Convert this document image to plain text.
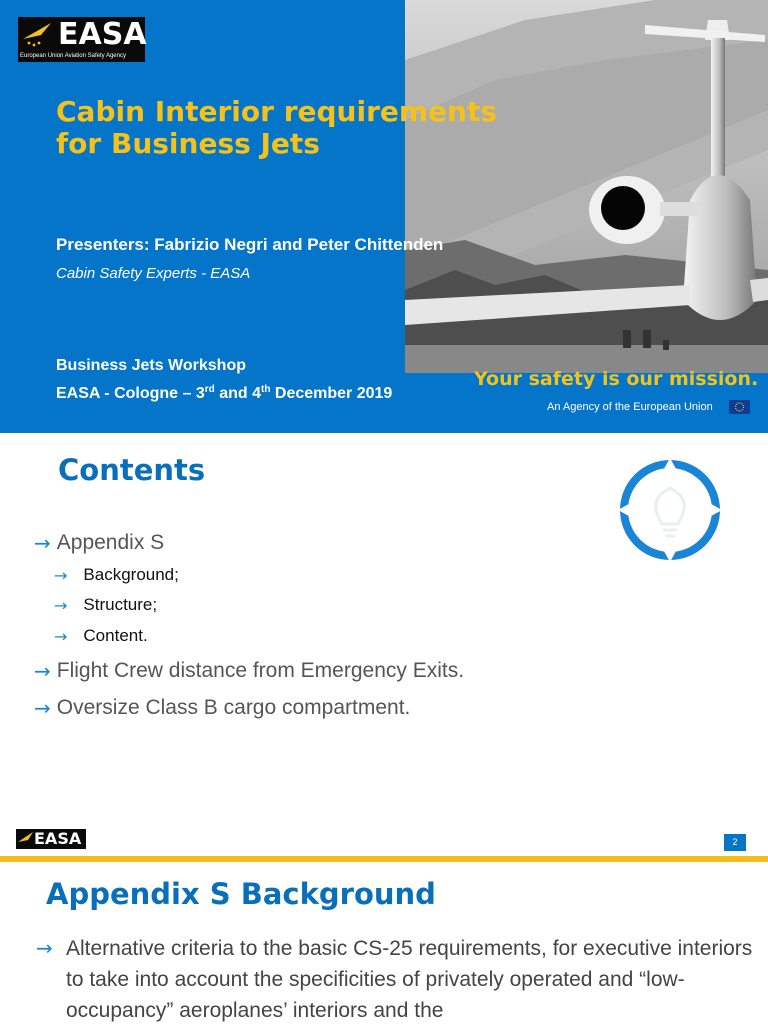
EASA
European Union Aviation Safety Agency
Cabin Interior requirements
for Business Jets
Presenters: Fabrizio Negri and Peter Chittenden
Cabin Safety Experts - EASA
Business Jets Workshop
EASA - Cologne – 3rd and 4th December 2019
Your safety is our mission.
An Agency of the European Union
Contents
→ Appendix S
→ Background;
→ Structure;
→ Content.
→ Flight Crew distance from Emergency Exits.
→ Oversize Class B cargo compartment.
EASA	2
Appendix S Background
→ Alternative criteria to the basic CS-25 requirements, for executive interiors to take into account the specificities of privately operated and “low-occupancy” aeroplanes’ interiors and the
